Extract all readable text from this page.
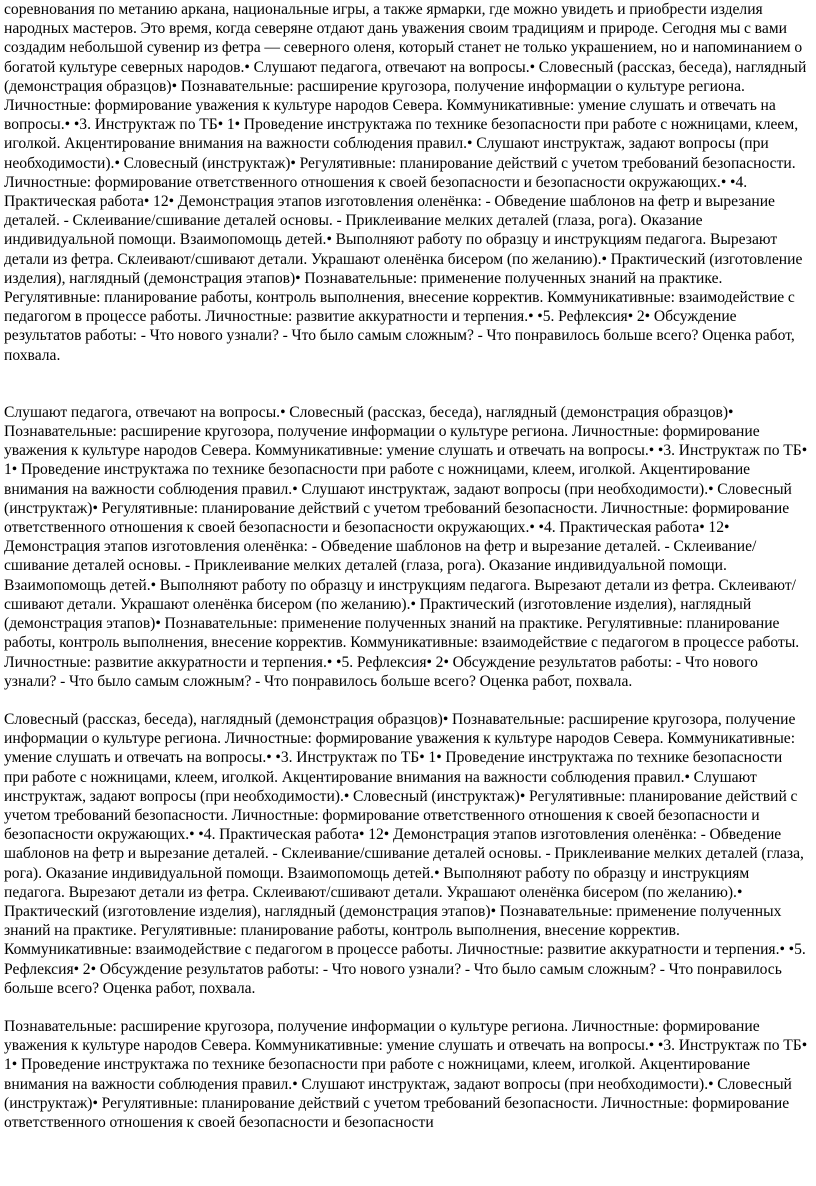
соревнования по метанию аркана, национальные игры, а также ярмарки, где можно увидеть и приобрести изделия народных мастеров. Это время, когда северяне отдают дань уважения своим традициям и природе. Сегодня мы с вами создадим небольшой сувенир из фетра — северного оленя, который станет не только украшением, но и напоминанием о богатой культуре северных народов.• Слушают педагога, отвечают на вопросы.• Словесный (рассказ, беседа), наглядный (демонстрация образцов)• Познавательные: расширение кругозора, получение информации о культуре региона. Личностные: формирование уважения к культуре народов Севера. Коммуникативные: умение слушать и отвечать на вопросы.• •3. Инструктаж по ТБ• 1• Проведение инструктажа по технике безопасности при работе с ножницами, клеем, иголкой. Акцентирование внимания на важности соблюдения правил.• Слушают инструктаж, задают вопросы (при необходимости).• Словесный (инструктаж)• Регулятивные: планирование действий с учетом требований безопасности. Личностные: формирование ответственного отношения к своей безопасности и безопасности окружающих.• •4. Практическая работа• 12• Демонстрация этапов изготовления оленёнка: - Обведение шаблонов на фетр и вырезание деталей. - Склеивание/сшивание деталей основы. - Приклеивание мелких деталей (глаза, рога). Оказание индивидуальной помощи. Взаимопомощь детей.• Выполняют работу по образцу и инструкциям педагога. Вырезают детали из фетра. Склеивают/сшивают детали. Украшают оленёнка бисером (по желанию).• Практический (изготовление изделия), наглядный (демонстрация этапов)• Познавательные: применение полученных знаний на практике. Регулятивные: планирование работы, контроль выполнения, внесение корректив. Коммуникативные: взаимодействие с педагогом в процессе работы. Личностные: развитие аккуратности и терпения.• •5. Рефлексия• 2• Обсуждение результатов работы: - Что нового узнали? - Что было самым сложным? - Что понравилось больше всего? Оценка работ, похвала.

Слушают педагога, отвечают на вопросы.• Словесный (рассказ, беседа), наглядный (демонстрация образцов)• Познавательные: расширение кругозора, получение информации о культуре региона. Личностные: формирование уважения к культуре народов Севера. Коммуникативные: умение слушать и отвечать на вопросы.• •3. Инструктаж по ТБ• 1• Проведение инструктажа по технике безопасности при работе с ножницами, клеем, иголкой. Акцентирование внимания на важности соблюдения правил.• Слушают инструктаж, задают вопросы (при необходимости).• Словесный (инструктаж)• Регулятивные: планирование действий с учетом требований безопасности. Личностные: формирование ответственного отношения к своей безопасности и безопасности окружающих.• •4. Практическая работа• 12• Демонстрация этапов изготовления оленёнка: - Обведение шаблонов на фетр и вырезание деталей. - Склеивание/сшивание деталей основы. - Приклеивание мелких деталей (глаза, рога). Оказание индивидуальной помощи. Взаимопомощь детей.• Выполняют работу по образцу и инструкциям педагога. Вырезают детали из фетра. Склеивают/сшивают детали. Украшают оленёнка бисером (по желанию).• Практический (изготовление изделия), наглядный (демонстрация этапов)• Познавательные: применение полученных знаний на практике. Регулятивные: планирование работы, контроль выполнения, внесение корректив. Коммуникативные: взаимодействие с педагогом в процессе работы. Личностные: развитие аккуратности и терпения.• •5. Рефлексия• 2• Обсуждение результатов работы: - Что нового узнали? - Что было самым сложным? - Что понравилось больше всего? Оценка работ, похвала.

Словесный (рассказ, беседа), наглядный (демонстрация образцов)• Познавательные: расширение кругозора, получение информации о культуре региона. Личностные: формирование уважения к культуре народов Севера. Коммуникативные: умение слушать и отвечать на вопросы.• •3. Инструктаж по ТБ• 1• Проведение инструктажа по технике безопасности при работе с ножницами, клеем, иголкой. Акцентирование внимания на важности соблюдения правил.• Слушают инструктаж, задают вопросы (при необходимости).• Словесный (инструктаж)• Регулятивные: планирование действий с учетом требований безопасности. Личностные: формирование ответственного отношения к своей безопасности и безопасности окружающих.• •4. Практическая работа• 12• Демонстрация этапов изготовления оленёнка: - Обведение шаблонов на фетр и вырезание деталей. - Склеивание/сшивание деталей основы. - Приклеивание мелких деталей (глаза, рога). Оказание индивидуальной помощи. Взаимопомощь детей.• Выполняют работу по образцу и инструкциям педагога. Вырезают детали из фетра. Склеивают/сшивают детали. Украшают оленёнка бисером (по желанию).• Практический (изготовление изделия), наглядный (демонстрация этапов)• Познавательные: применение полученных знаний на практике. Регулятивные: планирование работы, контроль выполнения, внесение корректив. Коммуникативные: взаимодействие с педагогом в процессе работы. Личностные: развитие аккуратности и терпения.• •5. Рефлексия• 2• Обсуждение результатов работы: - Что нового узнали? - Что было самым сложным? - Что понравилось больше всего? Оценка работ, похвала.

Познавательные: расширение кругозора, получение информации о культуре региона. Личностные: формирование уважения к культуре народов Севера. Коммуникативные: умение слушать и отвечать на вопросы.• •3. Инструктаж по ТБ• 1• Проведение инструктажа по технике безопасности при работе с ножницами, клеем, иголкой. Акцентирование внимания на важности соблюдения правил.• Слушают инструктаж, задают вопросы (при необходимости).• Словесный (инструктаж)• Регулятивные: планирование действий с учетом требований безопасности. Личностные: формирование ответственного отношения к своей безопасности и безопасности
